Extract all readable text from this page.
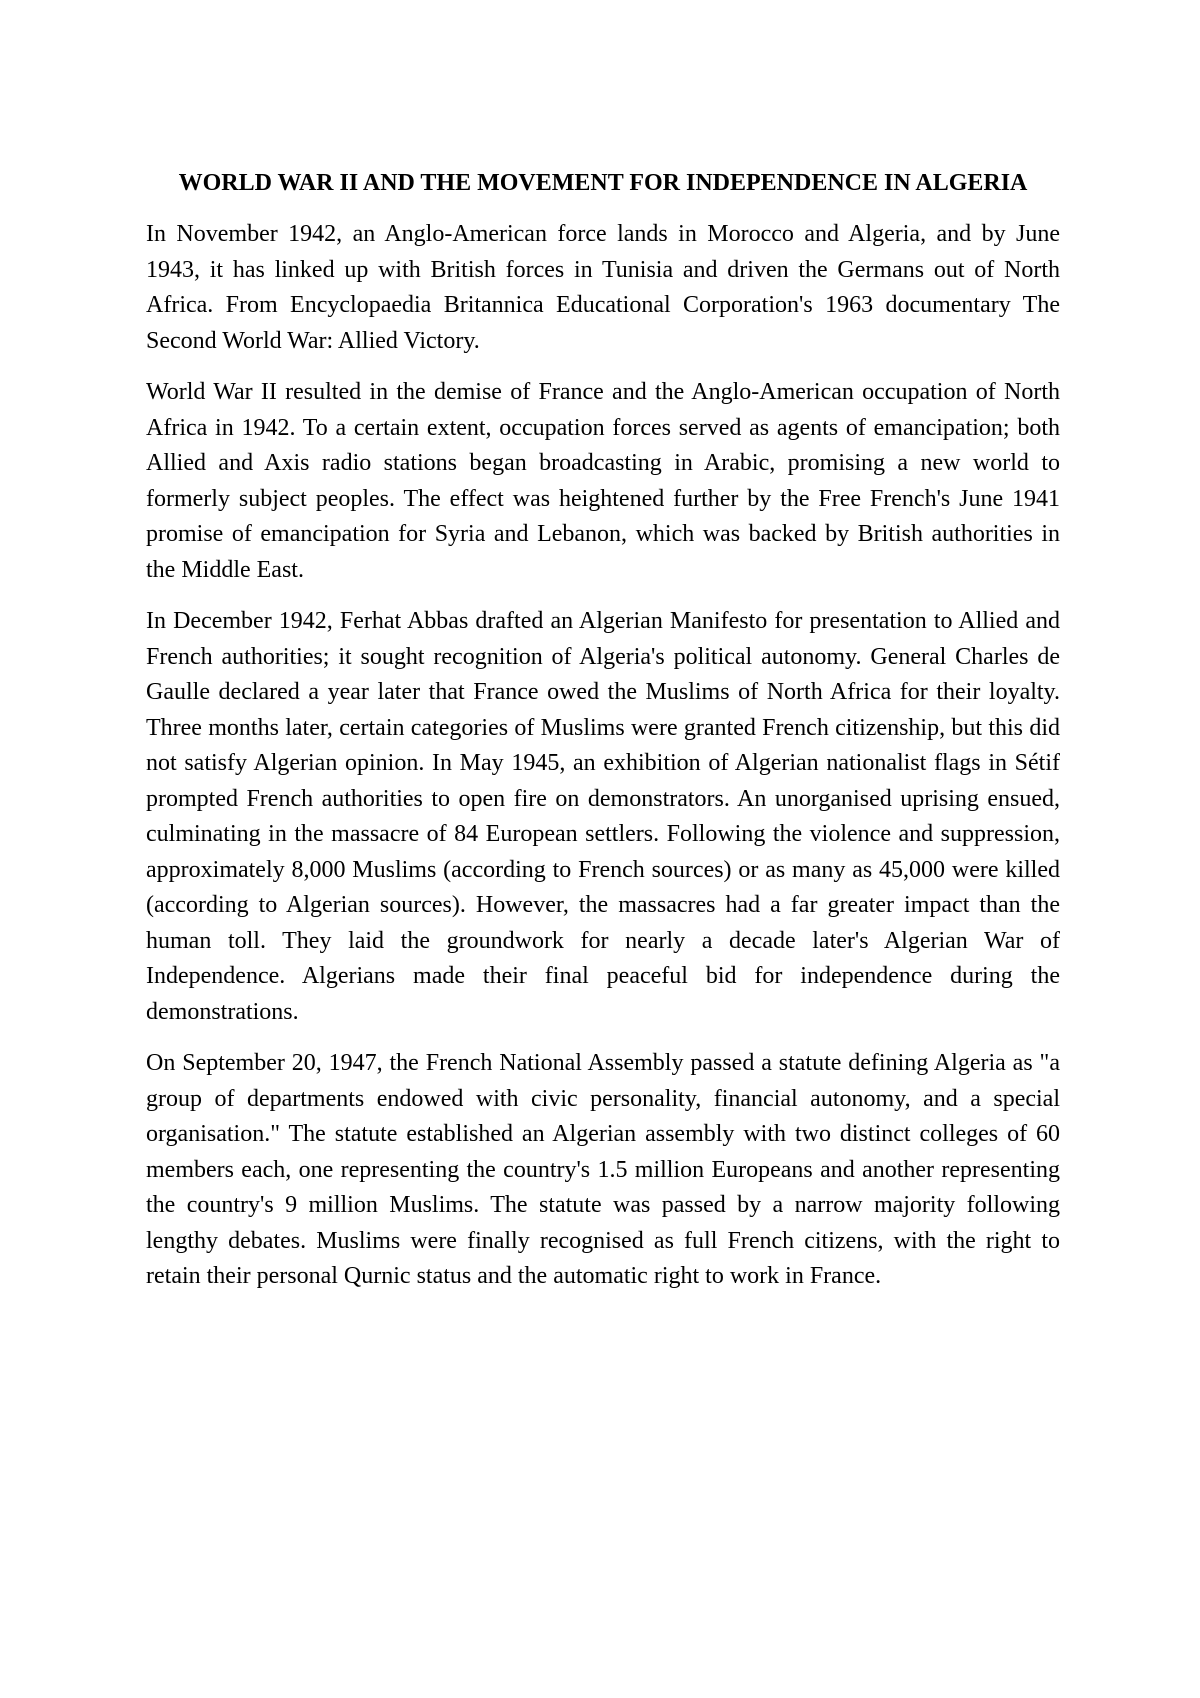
WORLD WAR II AND THE MOVEMENT FOR INDEPENDENCE IN ALGERIA

In November 1942, an Anglo-American force lands in Morocco and Algeria, and by June 1943, it has linked up with British forces in Tunisia and driven the Germans out of North Africa. From Encyclopaedia Britannica Educational Corporation's 1963 documentary The Second World War: Allied Victory.

World War II resulted in the demise of France and the Anglo-American occupation of North Africa in 1942. To a certain extent, occupation forces served as agents of emancipation; both Allied and Axis radio stations began broadcasting in Arabic, promising a new world to formerly subject peoples. The effect was heightened further by the Free French's June 1941 promise of emancipation for Syria and Lebanon, which was backed by British authorities in the Middle East.

In December 1942, Ferhat Abbas drafted an Algerian Manifesto for presentation to Allied and French authorities; it sought recognition of Algeria's political autonomy. General Charles de Gaulle declared a year later that France owed the Muslims of North Africa for their loyalty. Three months later, certain categories of Muslims were granted French citizenship, but this did not satisfy Algerian opinion. In May 1945, an exhibition of Algerian nationalist flags in Sétif prompted French authorities to open fire on demonstrators. An unorganised uprising ensued, culminating in the massacre of 84 European settlers. Following the violence and suppression, approximately 8,000 Muslims (according to French sources) or as many as 45,000 were killed (according to Algerian sources). However, the massacres had a far greater impact than the human toll. They laid the groundwork for nearly a decade later's Algerian War of Independence. Algerians made their final peaceful bid for independence during the demonstrations.

On September 20, 1947, the French National Assembly passed a statute defining Algeria as "a group of departments endowed with civic personality, financial autonomy, and a special organisation." The statute established an Algerian assembly with two distinct colleges of 60 members each, one representing the country's 1.5 million Europeans and another representing the country's 9 million Muslims. The statute was passed by a narrow majority following lengthy debates. Muslims were finally recognised as full French citizens, with the right to retain their personal Qurnic status and the automatic right to work in France.
